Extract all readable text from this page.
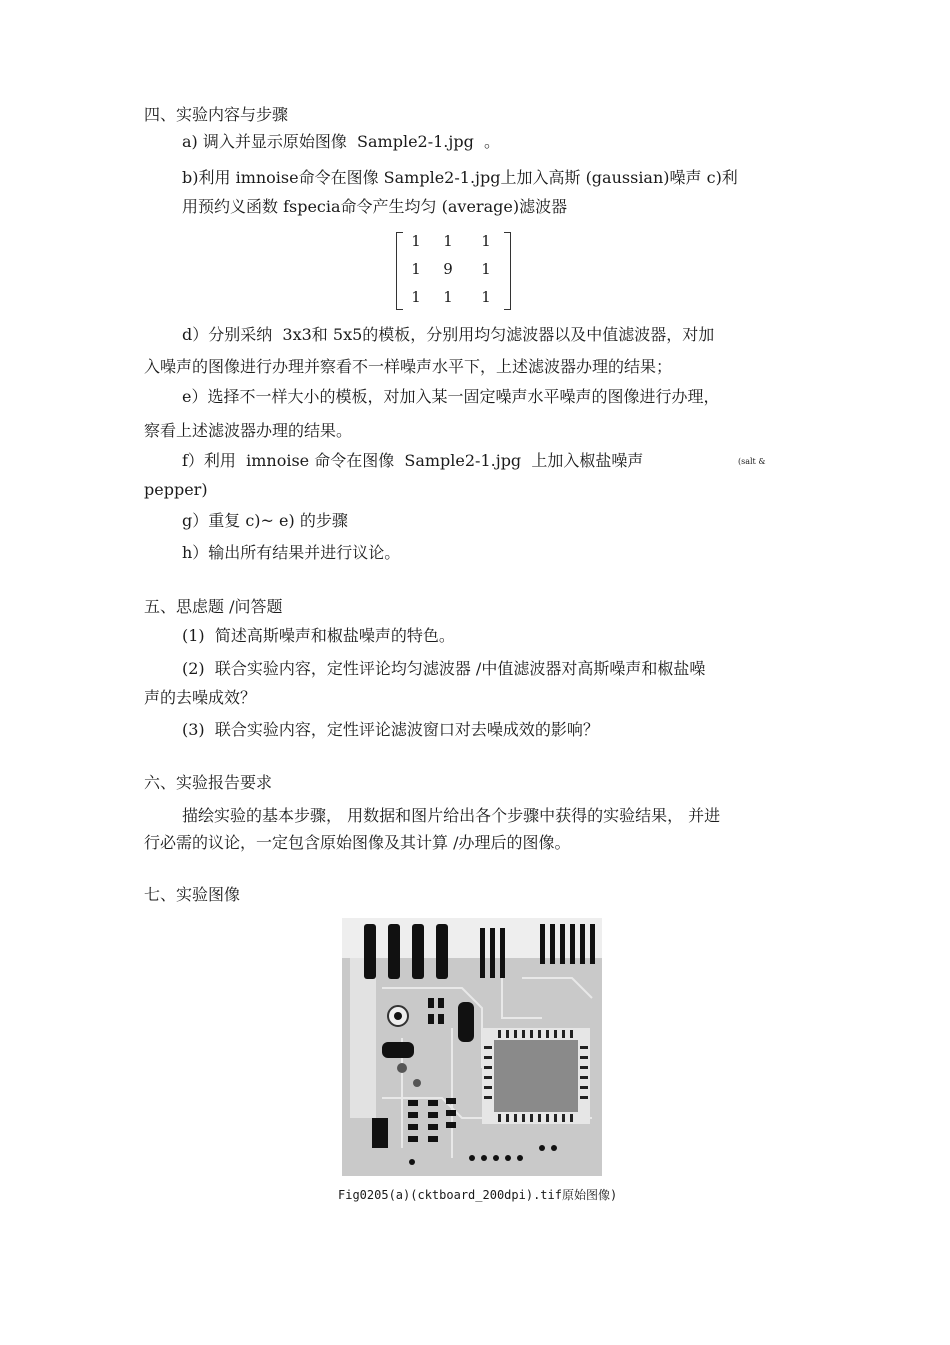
四、实验内容与步骤
a) 调入并显示原始图像  Sample2-1.jpg  。
b)利用 imnoise命令在图像 Sample2-1.jpg上加入高斯 (gaussian)噪声 c)利
用预约义函数 fspecia命令产生均匀 (average)滤波器
1	1	1
1	9	1
1	1	1
d）分别采纳  3x3和 5x5的模板，分别用均匀滤波器以及中值滤波器，对加
入噪声的图像进行办理并察看不一样噪声水平下，上述滤波器办理的结果；
e）选择不一样大小的模板，对加入某一固定噪声水平噪声的图像进行办理，
察看上述滤波器办理的结果。
f）利用  imnoise 命令在图像  Sample2-1.jpg  上加入椒盐噪声	(salt &
pepper)
g）重复 c)~ e) 的步骤
h）输出所有结果并进行议论。
五、思虑题 /问答题
(1)  简述高斯噪声和椒盐噪声的特色。
(2)  联合实验内容，定性评论均匀滤波器 /中值滤波器对高斯噪声和椒盐噪
声的去噪成效？
(3)  联合实验内容，定性评论滤波窗口对去噪成效的影响？
六、实验报告要求
描绘实验的基本步骤， 用数据和图片给出各个步骤中获得的实验结果， 并进
行必需的议论，一定包含原始图像及其计算 /办理后的图像。
七、实验图像
Fig0205(a)(cktboard_200dpi).tif原始图像)
